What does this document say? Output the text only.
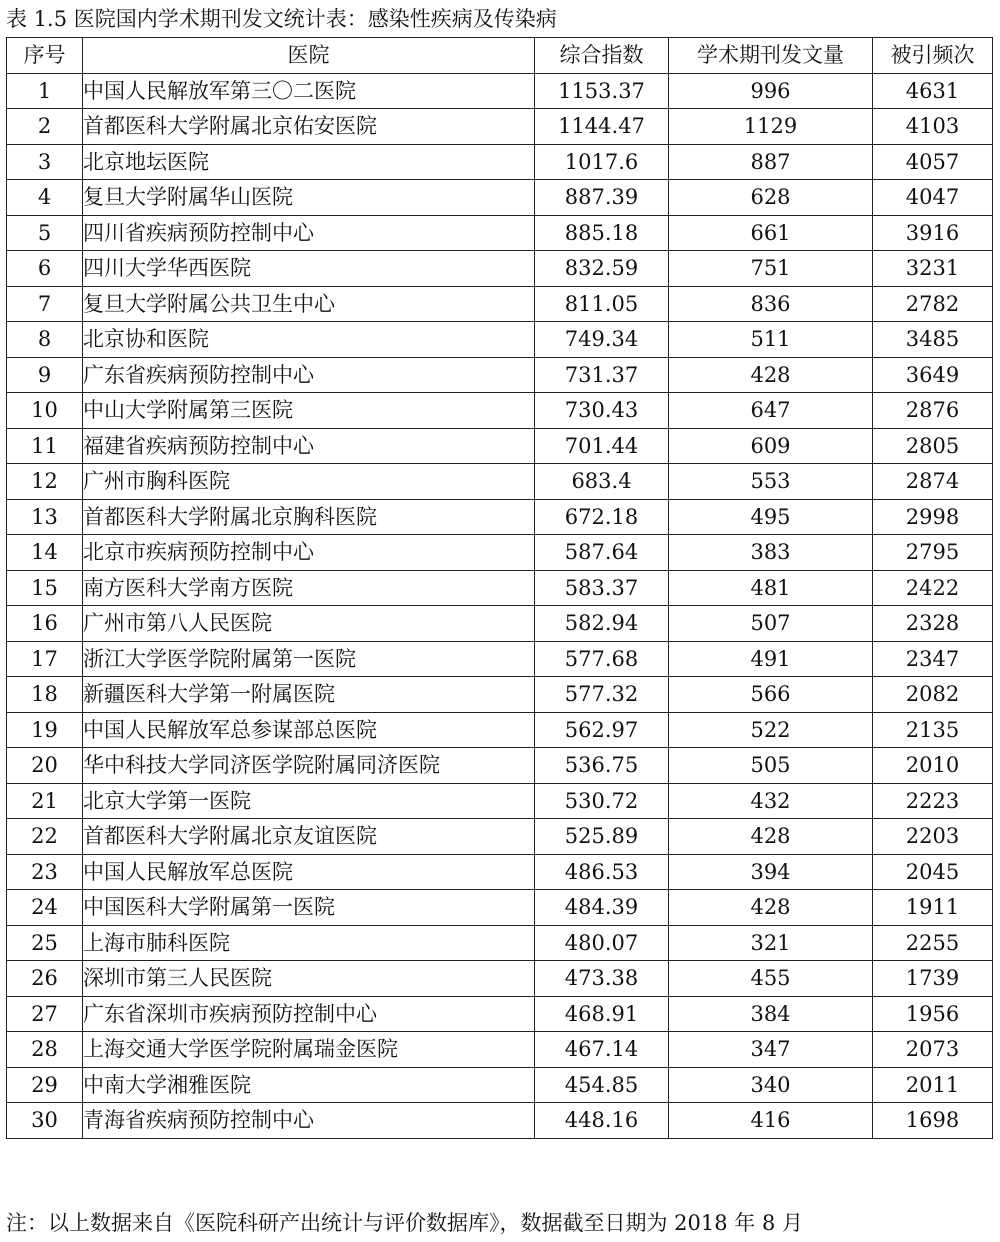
表 1.5 医院国内学术期刊发文统计表：感染性疾病及传染病
序号	医院	综合指数	学术期刊发文量	被引频次
1	中国人民解放军第三〇二医院	1153.37	996	4631
2	首都医科大学附属北京佑安医院	1144.47	1129	4103
3	北京地坛医院	1017.6	887	4057
4	复旦大学附属华山医院	887.39	628	4047
5	四川省疾病预防控制中心	885.18	661	3916
6	四川大学华西医院	832.59	751	3231
7	复旦大学附属公共卫生中心	811.05	836	2782
8	北京协和医院	749.34	511	3485
9	广东省疾病预防控制中心	731.37	428	3649
10	中山大学附属第三医院	730.43	647	2876
11	福建省疾病预防控制中心	701.44	609	2805
12	广州市胸科医院	683.4	553	2874
13	首都医科大学附属北京胸科医院	672.18	495	2998
14	北京市疾病预防控制中心	587.64	383	2795
15	南方医科大学南方医院	583.37	481	2422
16	广州市第八人民医院	582.94	507	2328
17	浙江大学医学院附属第一医院	577.68	491	2347
18	新疆医科大学第一附属医院	577.32	566	2082
19	中国人民解放军总参谋部总医院	562.97	522	2135
20	华中科技大学同济医学院附属同济医院	536.75	505	2010
21	北京大学第一医院	530.72	432	2223
22	首都医科大学附属北京友谊医院	525.89	428	2203
23	中国人民解放军总医院	486.53	394	2045
24	中国医科大学附属第一医院	484.39	428	1911
25	上海市肺科医院	480.07	321	2255
26	深圳市第三人民医院	473.38	455	1739
27	广东省深圳市疾病预防控制中心	468.91	384	1956
28	上海交通大学医学院附属瑞金医院	467.14	347	2073
29	中南大学湘雅医院	454.85	340	2011
30	青海省疾病预防控制中心	448.16	416	1698
注：以上数据来自《医院科研产出统计与评价数据库》，数据截至日期为 2018 年 8 月
